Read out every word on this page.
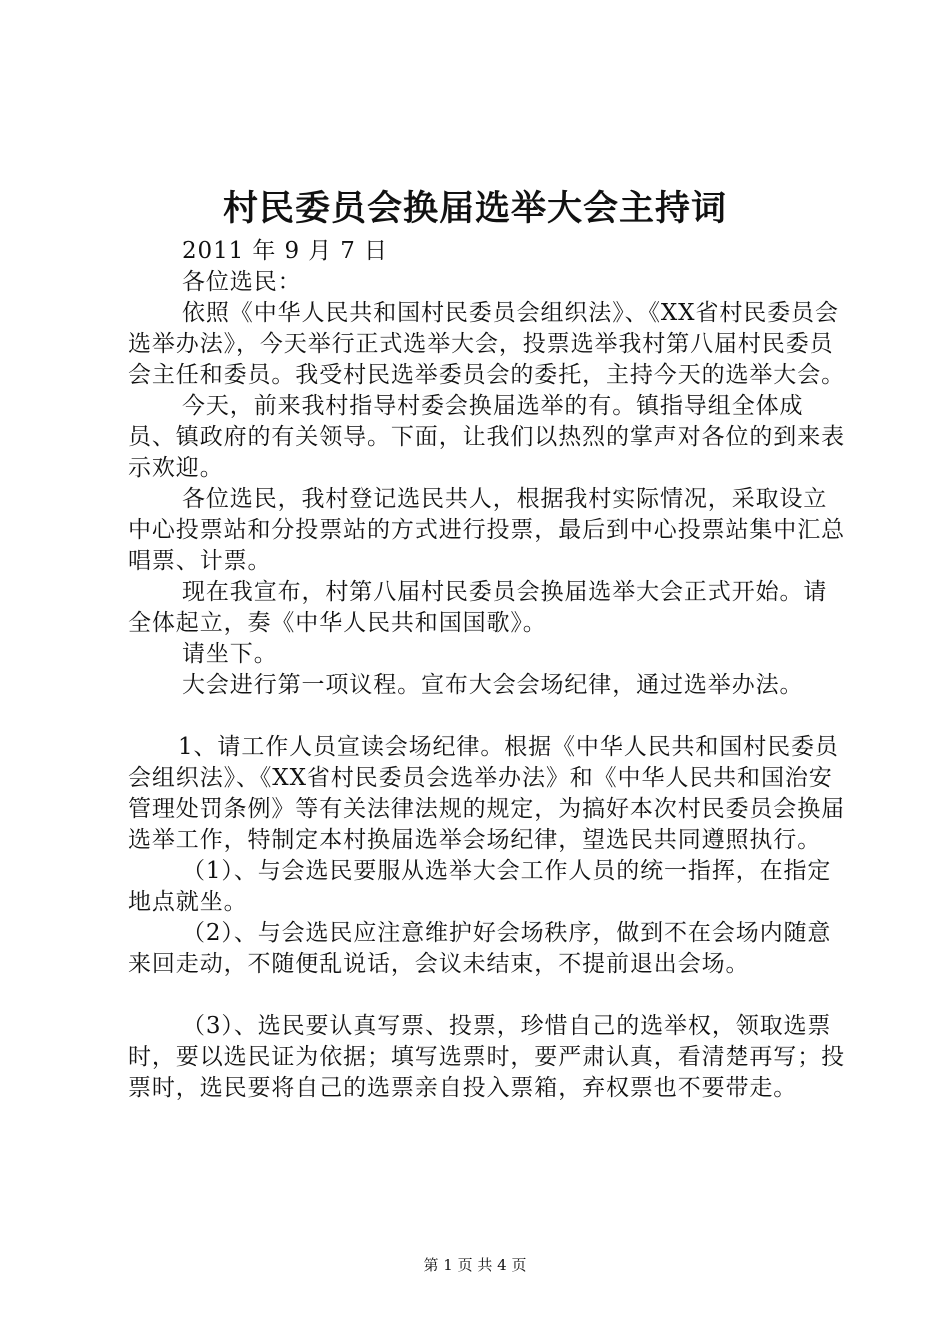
村民委员会换届选举大会主持词

2011 年 9 月 7 日

各位选民：

依照《中华人民共和国村民委员会组织法》、《XX省村民委员会选举办法》，今天举行正式选举大会，投票选举我村第八届村民委员会主任和委员。我受村民选举委员会的委托，主持今天的选举大会。

今天，前来我村指导村委会换届选举的有。镇指导组全体成员、镇政府的有关领导。下面，让我们以热烈的掌声对各位的到来表示欢迎。

各位选民，我村登记选民共人，根据我村实际情况，采取设立中心投票站和分投票站的方式进行投票，最后到中心投票站集中汇总唱票、计票。

现在我宣布，村第八届村民委员会换届选举大会正式开始。请全体起立，奏《中华人民共和国国歌》。

请坐下。

大会进行第一项议程。宣布大会会场纪律，通过选举办法。

1、请工作人员宣读会场纪律。根据《中华人民共和国村民委员会组织法》、《XX省村民委员会选举办法》和《中华人民共和国治安管理处罚条例》等有关法律法规的规定，为搞好本次村民委员会换届选举工作，特制定本村换届选举会场纪律，望选民共同遵照执行。

（1）、与会选民要服从选举大会工作人员的统一指挥，在指定地点就坐。

（2）、与会选民应注意维护好会场秩序，做到不在会场内随意来回走动，不随便乱说话，会议未结束，不提前退出会场。

（3）、选民要认真写票、投票，珍惜自己的选举权，领取选票时，要以选民证为依据；填写选票时，要严肃认真，看清楚再写；投票时，选民要将自己的选票亲自投入票箱，弃权票也不要带走。

第 1 页 共 4 页
